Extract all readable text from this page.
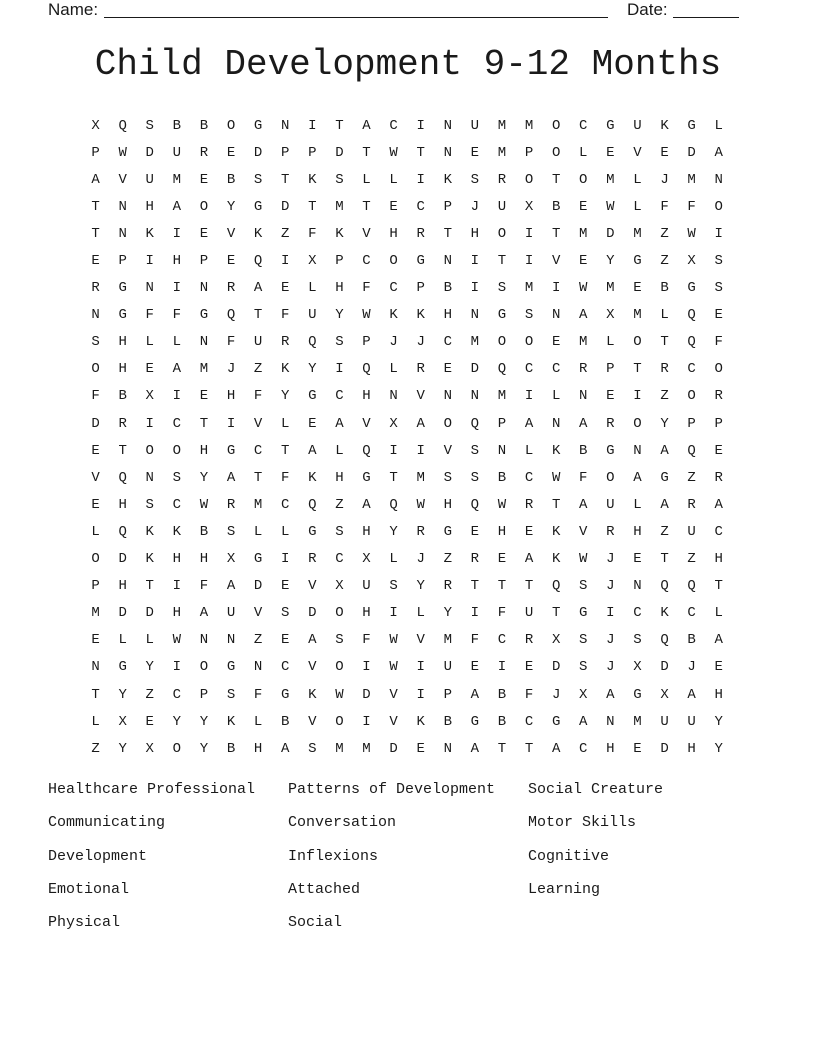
Name:	Date:
Child Development 9-12 Months
X	Q	S	B	B	O	G	N	I	T	A	C	I	N	U	M	M	O	C	G	U	K	G	L
P	W	D	U	R	E	D	P	P	D	T	W	T	N	E	M	P	O	L	E	V	E	D	A
A	V	U	M	E	B	S	T	K	S	L	L	I	K	S	R	O	T	O	M	L	J	M	N
T	N	H	A	O	Y	G	D	T	M	T	E	C	P	J	U	X	B	E	W	L	F	F	O
T	N	K	I	E	V	K	Z	F	K	V	H	R	T	H	O	I	T	M	D	M	Z	W	I
E	P	I	H	P	E	Q	I	X	P	C	O	G	N	I	T	I	V	E	Y	G	Z	X	S
R	G	N	I	N	R	A	E	L	H	F	C	P	B	I	S	M	I	W	M	E	B	G	S
N	G	F	F	G	Q	T	F	U	Y	W	K	K	H	N	G	S	N	A	X	M	L	Q	E
S	H	L	L	N	F	U	R	Q	S	P	J	J	C	M	O	O	E	M	L	O	T	Q	F
O	H	E	A	M	J	Z	K	Y	I	Q	L	R	E	D	Q	C	C	R	P	T	R	C	O
F	B	X	I	E	H	F	Y	G	C	H	N	V	N	N	M	I	L	N	E	I	Z	O	R
D	R	I	C	T	I	V	L	E	A	V	X	A	O	Q	P	A	N	A	R	O	Y	P	P
E	T	O	O	H	G	C	T	A	L	Q	I	I	V	S	N	L	K	B	G	N	A	Q	E
V	Q	N	S	Y	A	T	F	K	H	G	T	M	S	S	B	C	W	F	O	A	G	Z	R
E	H	S	C	W	R	M	C	Q	Z	A	Q	W	H	Q	W	R	T	A	U	L	A	R	A
L	Q	K	K	B	S	L	L	G	S	H	Y	R	G	E	H	E	K	V	R	H	Z	U	C
O	D	K	H	H	X	G	I	R	C	X	L	J	Z	R	E	A	K	W	J	E	T	Z	H
P	H	T	I	F	A	D	E	V	X	U	S	Y	R	T	T	T	Q	S	J	N	Q	Q	T
M	D	D	H	A	U	V	S	D	O	H	I	L	Y	I	F	U	T	G	I	C	K	C	L
E	L	L	W	N	N	Z	E	A	S	F	W	V	M	F	C	R	X	S	J	S	Q	B	A
N	G	Y	I	O	G	N	C	V	O	I	W	I	U	E	I	E	D	S	J	X	D	J	E
T	Y	Z	C	P	S	F	G	K	W	D	V	I	P	A	B	F	J	X	A	G	X	A	H
L	X	E	Y	Y	K	L	B	V	O	I	V	K	B	G	B	C	G	A	N	M	U	U	Y
Z	Y	X	O	Y	B	H	A	S	M	M	D	E	N	A	T	T	A	C	H	E	D	H	Y
Healthcare Professional	Patterns of Development	Social Creature
Communicating	Conversation	Motor Skills
Development	Inflexions	Cognitive
Emotional	Attached	Learning
Physical	Social
